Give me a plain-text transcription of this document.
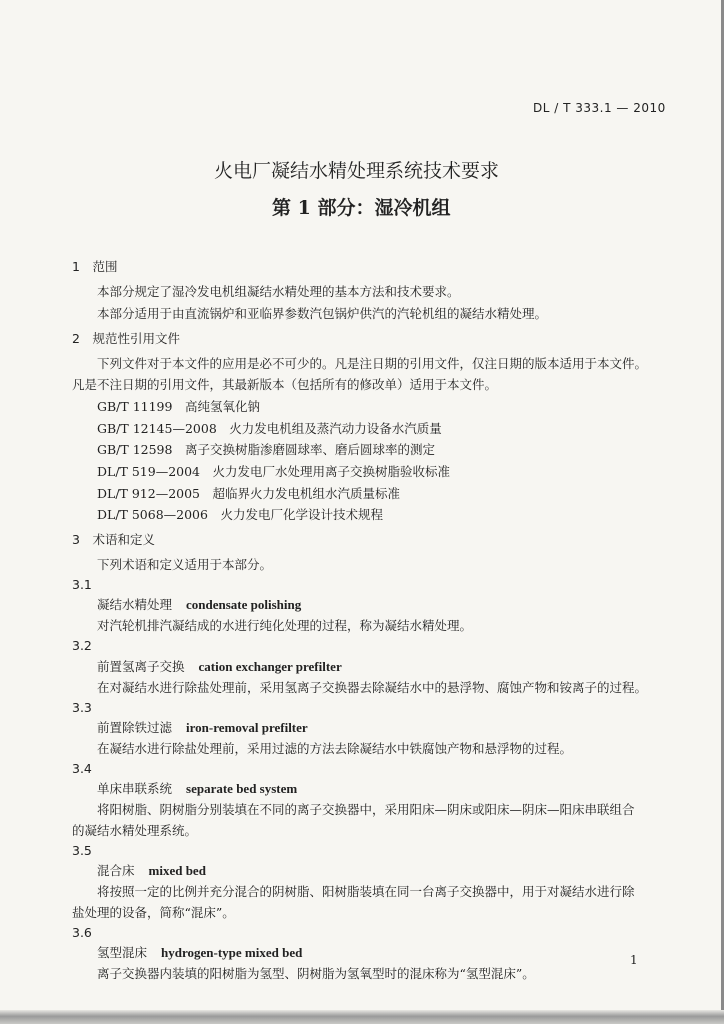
DL / T 333.1 — 2010
火电厂凝结水精处理系统技术要求
第 1 部分：湿冷机组
1　范围
本部分规定了湿冷发电机组凝结水精处理的基本方法和技术要求。
本部分适用于由直流锅炉和亚临界参数汽包锅炉供汽的汽轮机组的凝结水精处理。
2　规范性引用文件
下列文件对于本文件的应用是必不可少的。凡是注日期的引用文件，仅注日期的版本适用于本文件。
凡是不注日期的引用文件，其最新版本（包括所有的修改单）适用于本文件。
GB/T 11199　高纯氢氧化钠
GB/T 12145—2008　火力发电机组及蒸汽动力设备水汽质量
GB/T 12598　离子交换树脂渗磨圆球率、磨后圆球率的测定
DL/T 519—2004　火力发电厂水处理用离子交换树脂验收标准
DL/T 912—2005　超临界火力发电机组水汽质量标准
DL/T 5068—2006　火力发电厂化学设计技术规程
3　术语和定义
下列术语和定义适用于本部分。
3.1
凝结水精处理 condensate polishing
对汽轮机排汽凝结成的水进行纯化处理的过程，称为凝结水精处理。
3.2
前置氢离子交换 cation exchanger prefilter
在对凝结水进行除盐处理前，采用氢离子交换器去除凝结水中的悬浮物、腐蚀产物和铵离子的过程。
3.3
前置除铁过滤 iron-removal prefilter
在凝结水进行除盐处理前，采用过滤的方法去除凝结水中铁腐蚀产物和悬浮物的过程。
3.4
单床串联系统 separate bed system
将阳树脂、阴树脂分别装填在不同的离子交换器中，采用阳床—阴床或阳床—阴床—阳床串联组合
的凝结水精处理系统。
3.5
混合床 mixed bed
将按照一定的比例并充分混合的阴树脂、阳树脂装填在同一台离子交换器中，用于对凝结水进行除
盐处理的设备，简称“混床”。
3.6
氢型混床 hydrogen-type mixed bed
离子交换器内装填的阳树脂为氢型、阴树脂为氢氧型时的混床称为“氢型混床”。
1
